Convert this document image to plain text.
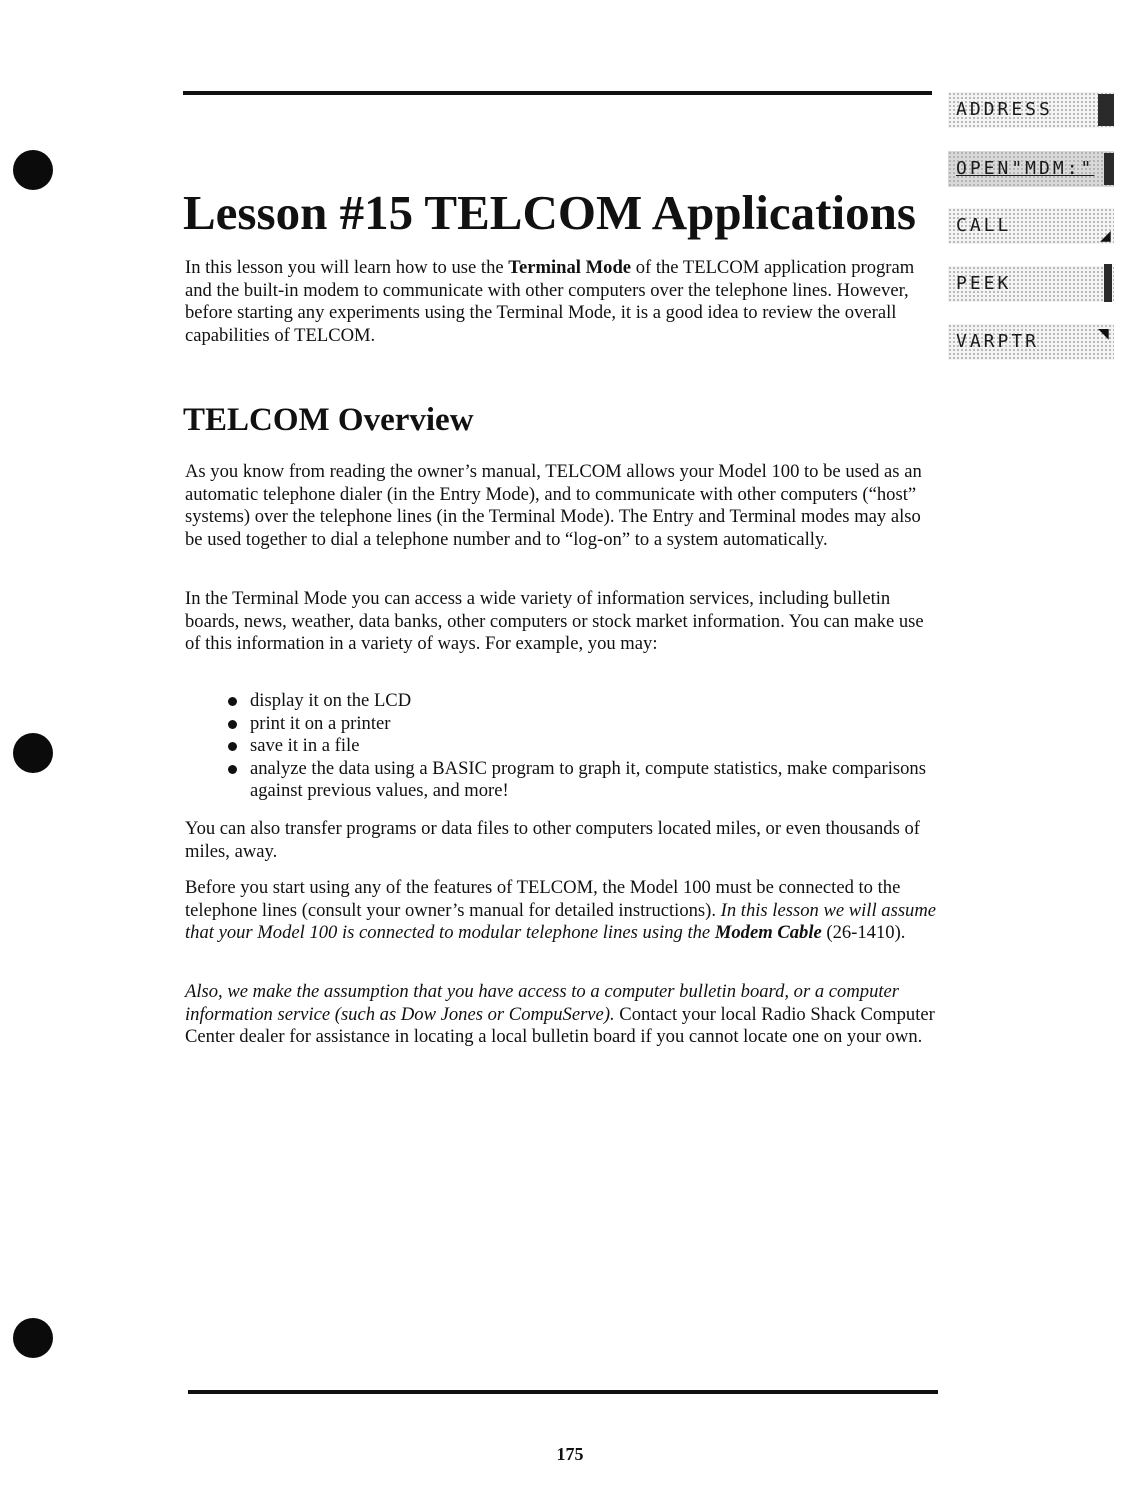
ADDRESS
OPEN"MDM:"
CALL	◢
PEEK
VARPTR	◥
Lesson #15 TELCOM Applications

In this lesson you will learn how to use the Terminal Mode of the TELCOM application program and the built-in modem to communicate with other computers over the telephone lines. However, before starting any experiments using the Terminal Mode, it is a good idea to review the overall capabilities of TELCOM.

TELCOM Overview

As you know from reading the owner’s manual, TELCOM allows your Model 100 to be used as an automatic telephone dialer (in the Entry Mode), and to communicate with other computers (“host” systems) over the telephone lines (in the Terminal Mode). The Entry and Terminal modes may also be used together to dial a telephone number and to “log-on” to a system automatically.

In the Terminal Mode you can access a wide variety of information services, including bulletin boards, news, weather, data banks, other computers or stock market information. You can make use of this information in a variety of ways. For example, you may:

display it on the LCD
print it on a printer
save it in a file
analyze the data using a BASIC program to graph it, compute statistics, make comparisons against previous values, and more!

You can also transfer programs or data files to other computers located miles, or even thousands of miles, away.

Before you start using any of the features of TELCOM, the Model 100 must be connected to the telephone lines (consult your owner’s manual for detailed instructions). In this lesson we will assume that your Model 100 is connected to modular telephone lines using the Modem Cable (26-1410).

Also, we make the assumption that you have access to a computer bulletin board, or a computer information service (such as Dow Jones or CompuServe). Contact your local Radio Shack Computer Center dealer for assistance in locating a local bulletin board if you cannot locate one on your own.

175
